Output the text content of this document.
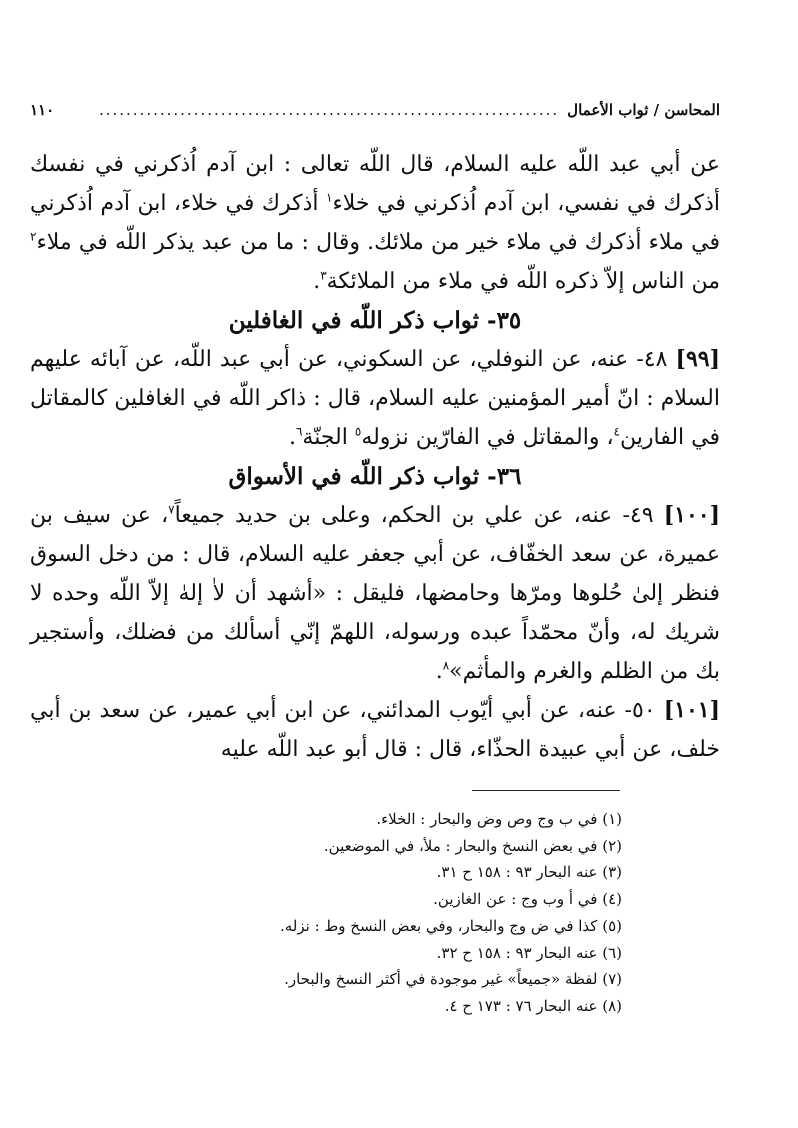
المحاسن / ثواب الأعمال
....................................................................
١١٠

عن أبي عبد اللّه عليه السلام، قال اللّه تعالى : ابن آدم اُذكرني في نفسك أذكرك في نفسي، ابن آدم اُذكرني في خلاء$^١$ أذكرك في خلاء، ابن آدم اُذكرني في ملاء أذكرك في ملاء خير من ملائك. وقال : ما من عبد يذكر اللّه في ملاء$^٢$ من الناس إلاّ ذكره اللّه في ملاء من الملائكة$^٣$.

٣٥- ثواب ذكر اللّه في الغافلين

[٩٩] ٤٨- عنه، عن النوفلي، عن السكوني، عن أبي عبد اللّه، عن آبائه عليهم السلام : انّ أمير المؤمنين عليه السلام، قال : ذاكر اللّه في الغافلين كالمقاتل في الفارين$^٤$، والمقاتل في الفارّين نزوله$^٥$ الجنّة$^٦$.

٣٦- ثواب ذكر اللّه في الأسواق

[١٠٠] ٤٩- عنه، عن علي بن الحكم، وعلى بن حديد جميعاً$^٧$، عن سيف بن عميرة، عن سعد الخفّاف، عن أبي جعفر عليه السلام، قال : من دخل السوق فنظر إلىٰ حُلوها ومرّها وحامضها، فليقل : «أشهد أن لاٰ إلهٰ إلاّ اللّه وحده لا شريك له، وأنّ محمّداً عبده ورسوله، اللهمّ إنّي أسألك من فضلك، وأستجير بك من الظلم والغرم والمأثم»$^٨$.

[١٠١] ٥٠- عنه، عن أبي أيّوب المدائني، عن ابن أبي عمير، عن سعد بن أبي خلف، عن أبي عبيدة الحذّاء، قال : قال أبو عبد اللّه عليه

(١) في ب وج وص وض والبحار : الخلاء.
(٢) في بعض النسخ والبحار : ملأ، في الموضعين.
(٣) عنه البحار ٩٣ : ١٥٨ ح ٣١.
(٤) في أ وب وج : عن الغازين.
(٥) كذا في ض وج والبحار، وفي بعض النسخ وط : نزله.
(٦) عنه البحار ٩٣ : ١٥٨ ح ٣٢.
(٧) لفظة «جميعاً» غير موجودة في أكثر النسخ والبحار.
(٨) عنه البحار ٧٦ : ١٧٣ ح ٤.
